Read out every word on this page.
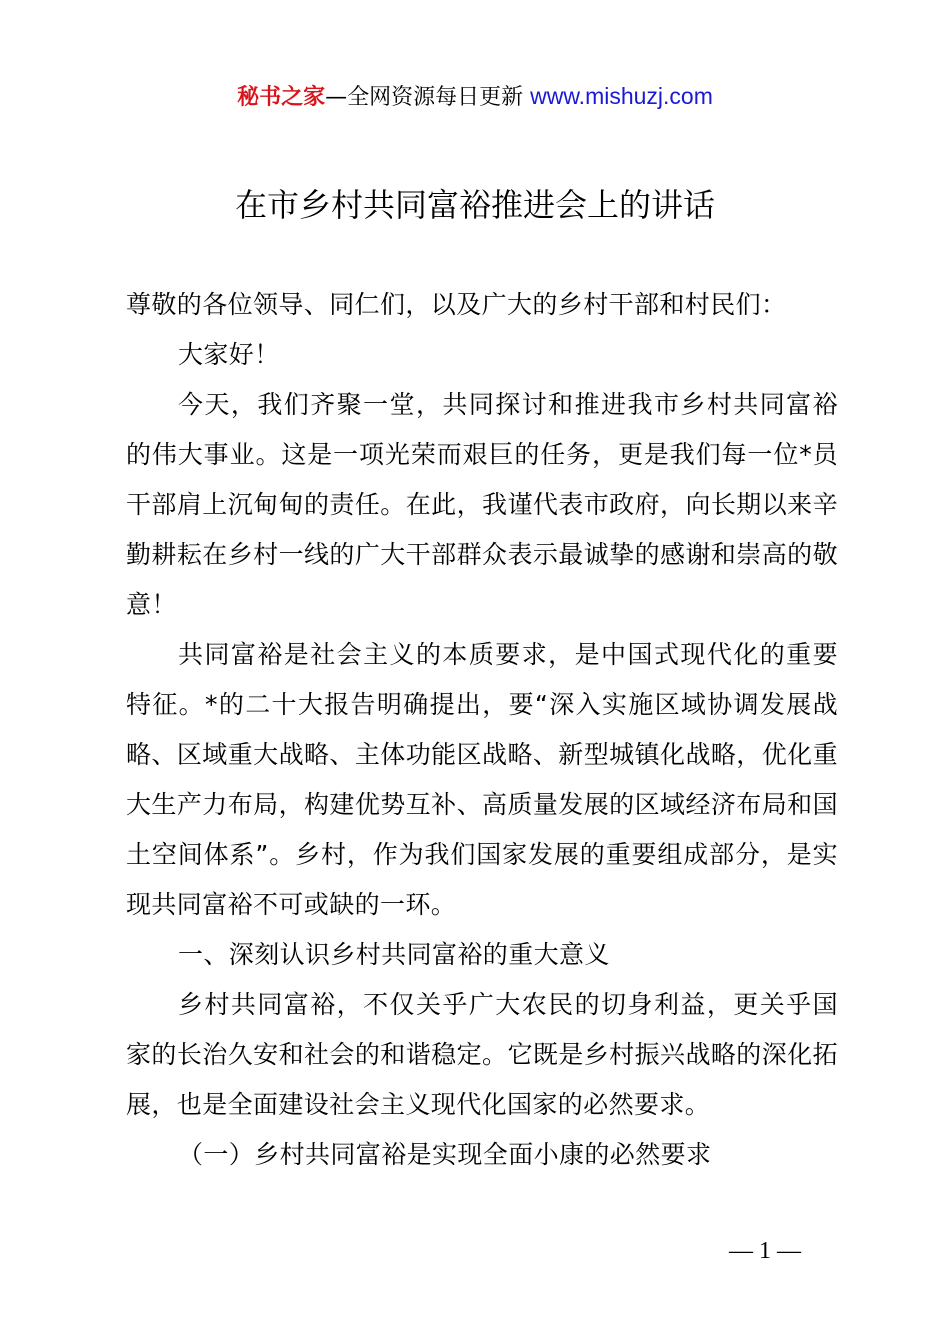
秘书之家—全网资源每日更新 www.mishuzj.com
在市乡村共同富裕推进会上的讲话

尊敬的各位领导、同仁们，以及广大的乡村干部和村民们：

大家好！

今天，我们齐聚一堂，共同探讨和推进我市乡村共同富裕的伟大事业。这是一项光荣而艰巨的任务，更是我们每一位*员干部肩上沉甸甸的责任。在此，我谨代表市政府，向长期以来辛勤耕耘在乡村一线的广大干部群众表示最诚挚的感谢和崇高的敬意！

共同富裕是社会主义的本质要求，是中国式现代化的重要特征。*的二十大报告明确提出，要“深入实施区域协调发展战略、区域重大战略、主体功能区战略、新型城镇化战略，优化重大生产力布局，构建优势互补、高质量发展的区域经济布局和国土空间体系”。乡村，作为我们国家发展的重要组成部分，是实现共同富裕不可或缺的一环。

一、深刻认识乡村共同富裕的重大意义

乡村共同富裕，不仅关乎广大农民的切身利益，更关乎国家的长治久安和社会的和谐稳定。它既是乡村振兴战略的深化拓展，也是全面建设社会主义现代化国家的必然要求。

（一）乡村共同富裕是实现全面小康的必然要求

— 1 —
